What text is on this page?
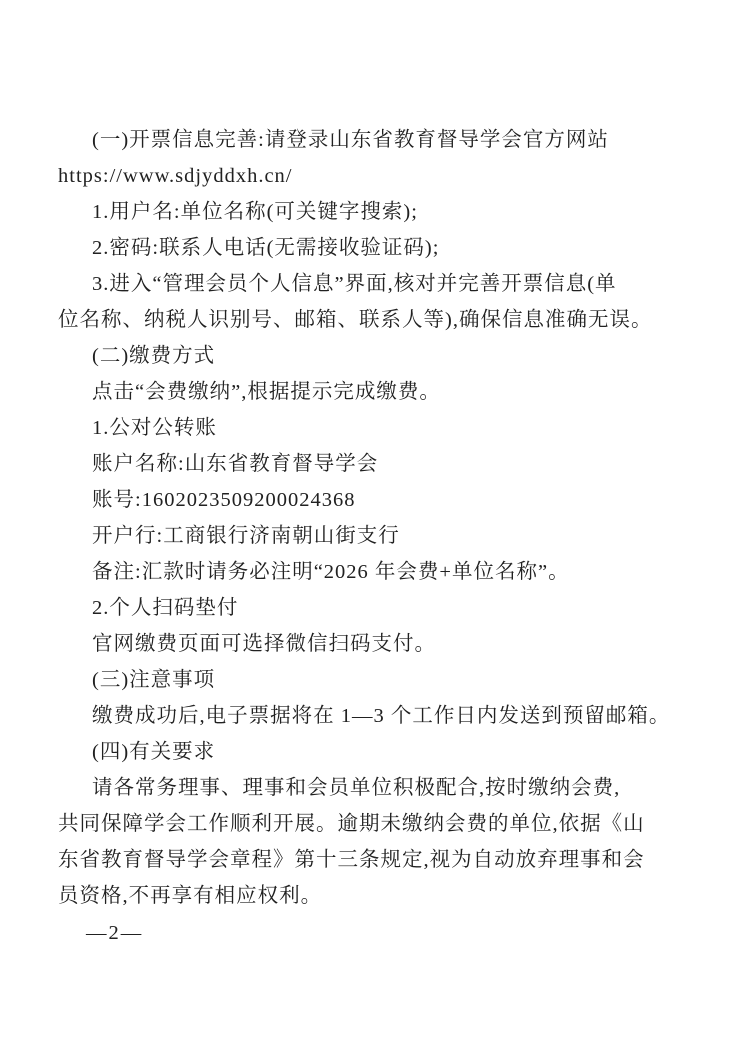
(一)开票信息完善:请登录山东省教育督导学会官方网站
https://www.sdjyddxh.cn/
1.用户名:单位名称(可关键字搜索);
2.密码:联系人电话(无需接收验证码);
3.进入“管理会员个人信息”界面,核对并完善开票信息(单
位名称、纳税人识别号、邮箱、联系人等),确保信息准确无误。
(二)缴费方式
点击“会费缴纳”,根据提示完成缴费。
1.公对公转账
账户名称:山东省教育督导学会
账号:1602023509200024368
开户行:工商银行济南朝山街支行
备注:汇款时请务必注明“2026 年会费+单位名称”。
2.个人扫码垫付
官网缴费页面可选择微信扫码支付。
(三)注意事项
缴费成功后,电子票据将在 1—3 个工作日内发送到预留邮箱。
(四)有关要求
请各常务理事、理事和会员单位积极配合,按时缴纳会费,
共同保障学会工作顺利开展。逾期未缴纳会费的单位,依据《山
东省教育督导学会章程》第十三条规定,视为自动放弃理事和会
员资格,不再享有相应权利。
—2—
